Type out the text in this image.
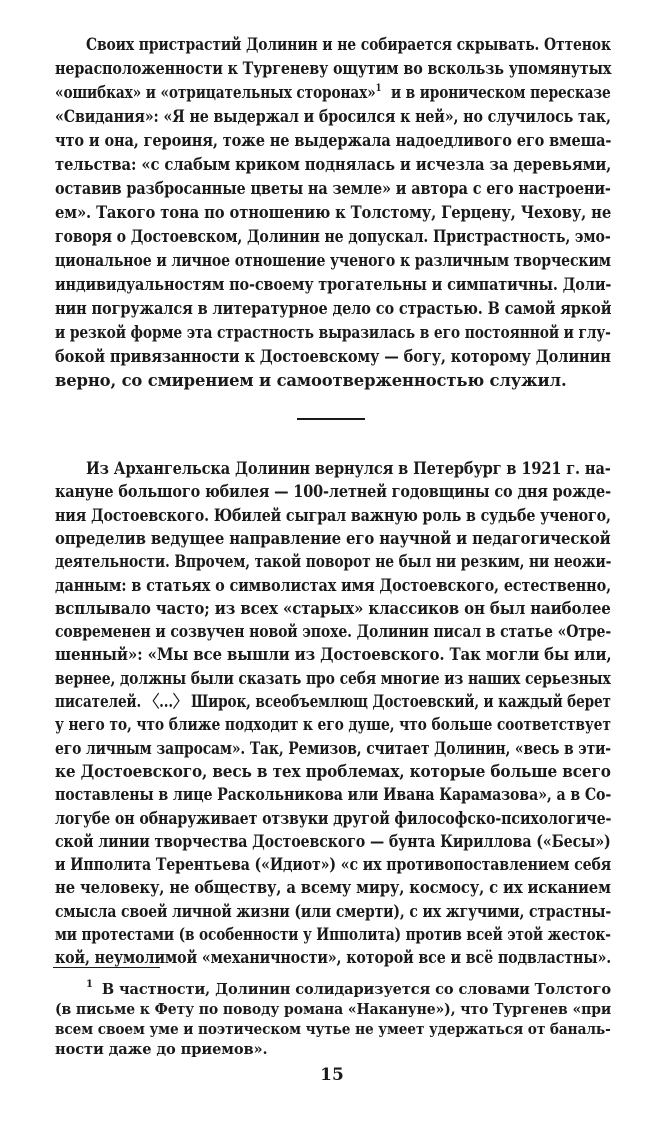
Своих пристрастий Долинин и не собирается скрывать. Оттенок
нерасположенности к Тургеневу ощутим во вскользь упомянутых
«ошибках» и «отрицательных сторонах»$^1$ и в ироническом пересказе
«Свидания»: «Я не выдержал и бросился к ней», но случилось так,
что и она, героиня, тоже не выдержала надоедливого его вмеша-
тельства: «с слабым криком поднялась и исчезла за деревьями,
оставив разбросанные цветы на земле» и автора с его настроени-
ем». Такого тона по отношению к Толстому, Герцену, Чехову, не
говоря о Достоевском, Долинин не допускал. Пристрастность, эмо-
циональное и личное отношение ученого к различным творческим
индивидуальностям по-своему трогательны и симпатичны. Доли-
нин погружался в литературное дело со страстью. В самой яркой
и резкой форме эта страстность выразилась в его постоянной и глу-
бокой привязанности к Достоевскому — богу, которому Долинин
верно, со смирением и самоотверженностью служил.
Из Архангельска Долинин вернулся в Петербург в 1921 г. на-
кануне большого юбилея — 100-летней годовщины со дня рожде-
ния Достоевского. Юбилей сыграл важную роль в судьбе ученого,
определив ведущее направление его научной и педагогической
деятельности. Впрочем, такой поворот не был ни резким, ни неожи-
данным: в статьях о символистах имя Достоевского, естественно,
всплывало часто; из всех «старых» классиков он был наиболее
современен и созвучен новой эпохе. Долинин писал в статье «Отре-
шенный»: «Мы все вышли из Достоевского. Так могли бы или,
вернее, должны были сказать про себя многие из наших серьезных
писателей. 〈...〉 Широк, всеобъемлющ Достоевский, и каждый берет
у него то, что ближе подходит к его душе, что больше соответствует
его личным запросам». Так, Ремизов, считает Долинин, «весь в эти-
ке Достоевского, весь в тех проблемах, которые больше всего
поставлены в лице Раскольникова или Ивана Карамазова», а в Со-
логубе он обнаруживает отзвуки другой философско-психологиче-
ской линии творчества Достоевского — бунта Кириллова («Бесы»)
и Ипполита Терентьева («Идиот») «с их противопоставлением себя
не человеку, не обществу, а всему миру, космосу, с их исканием
смысла своей личной жизни (или смерти), с их жгучими, страстны-
ми протестами (в особенности у Ипполита) против всей этой жесток-
кой, неумолимой «механичности», которой все и всё подвластны».
$^1$ В частности, Долинин солидаризуется со словами Толстого
(в письме к Фету по поводу романа «Накануне»), что Тургенев «при
всем своем уме и поэтическом чутье не умеет удержаться от баналь-
ности даже до приемов».
15
